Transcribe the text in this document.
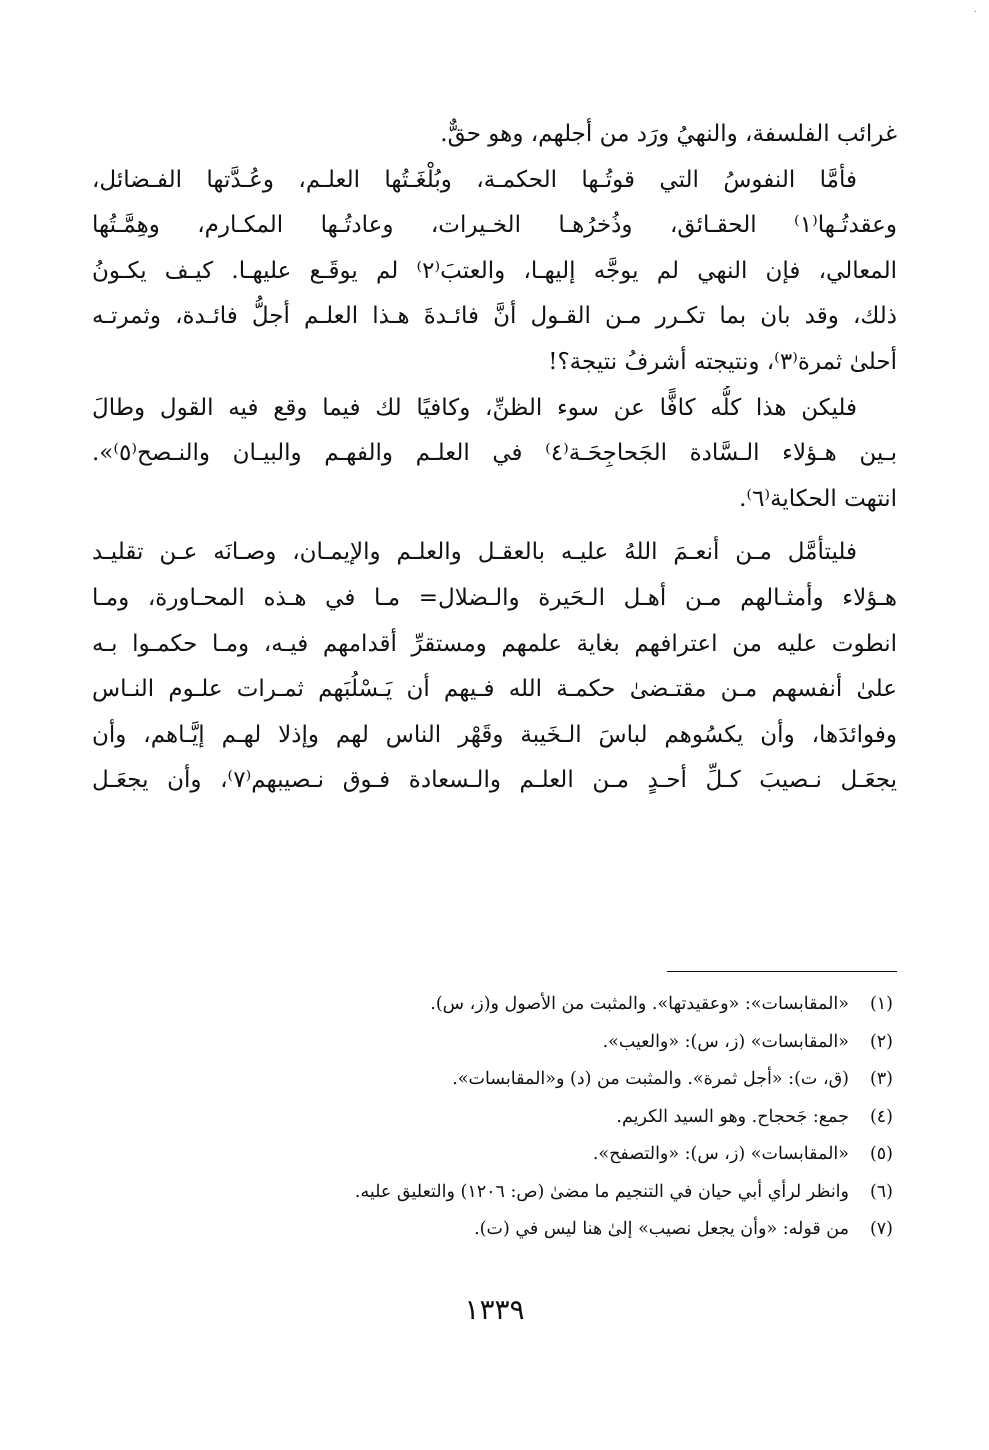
·
غرائب الفلسفة، والنهيُ ورَد من أجلهم، وهو حقٌّ.
فأمَّا النفوسُ التي قوتُـها الحكمـة، وبُلْغَـتُها العلـم، وعُـدَّتها الفـضائل،
وعقدتُـها⁽١⁾ الحقـائق، وذُخرُهـا الخـيرات، وعادتُـها المكـارم، وهِمَّـتُها
المعالي، فإن النهي لم يوجَّه إليهـا، والعتبَ⁽٢⁾ لم يوقَـع عليهـا. كيـف يكـونُ
ذلك، وقد بان بما تكـرر مـن القـول أنَّ فائـدةَ هـذا العلـم أجلُّ فائـدة، وثمرتـه
أحلىٰ ثمرة⁽٣⁾، ونتيجته أشرفُ نتيجة؟!
فليكن هذا كلُّه كافًّا عن سوء الظنِّ، وكافيًا لك فيما وقع فيه القول وطالَ
بـين هـؤلاء الـسَّادة الجَحاجِحَـة⁽٤⁾ في العلـم والفهـم والبيـان والنـصح⁽٥⁾».
انتهت الحكاية⁽٦⁾.
فليتأمَّل مـن أنعـمَ اللهُ عليـه بالعقـل والعلـم والإيمـان، وصـانَه عـن تقليـد
هـؤلاء وأمثـالهم مـن أهـل الـحَيرة والـضلال= مـا في هـذه المحـاورة، ومـا
انطوت عليه من اعترافهم بغاية علمهم ومستقرِّ أقدامهم فيـه، ومـا حكمـوا بـه
علىٰ أنفسهم مـن مقتـضىٰ حكمـة الله فـيهم أن يَـسْلُبَهم ثمـرات علـوم النـاس
وفوائدَها، وأن يكسُوهم لباسَ الـخَيبة وقَهْر الناس لهم وإذلا لهـم إيَّـاهم، وأن
يجعَـل نـصيبَ كـلِّ أحـدٍ مـن العلـم والـسعادة فـوق نـصيبهم⁽٧⁾، وأن يجعَـل
(١)
«المقابسات»: «وعقيدتها». والمثبت من الأصول و(ز، س).
(٢)
«المقابسات» (ز، س): «والعيب».
(٣)
(ق، ت): «أجل ثمرة». والمثبت من (د) و«المقابسات».
(٤)
جمع: جَحجاح. وهو السيد الكريم.
(٥)
«المقابسات» (ز، س): «والتصفح».
(٦)
وانظر لرأي أبي حيان في التنجيم ما مضىٰ (ص: ١٢٠٦) والتعليق عليه.
(٧)
من قوله: «وأن يجعل نصيب» إلىٰ هنا ليس في (ت).
١٣٣٩
